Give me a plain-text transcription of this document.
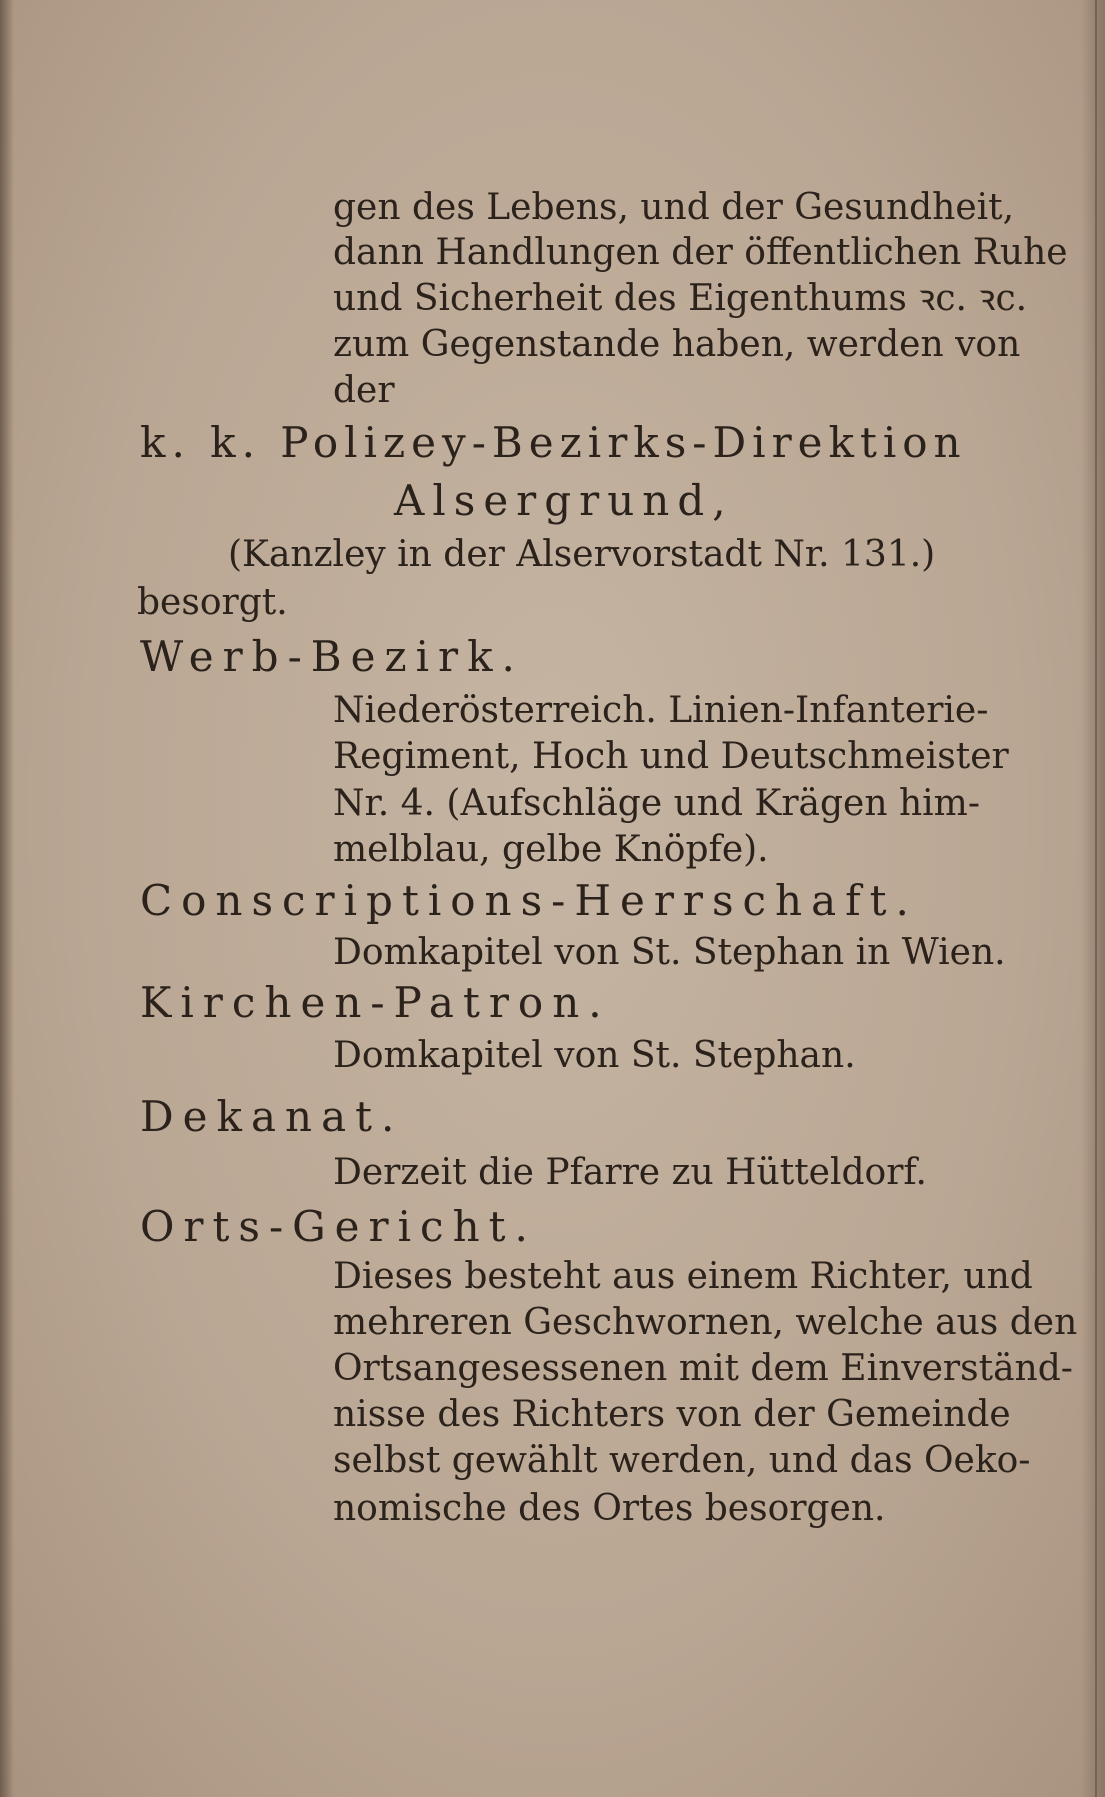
gen des Lebens, und der Gesundheit,
dann Handlungen der öffentlichen Ruhe
und Sicherheit des Eigenthums ꝛc. ꝛc.
zum Gegenstande haben, werden von
der
k. k. Polizey-Bezirks-Direktion
Alsergrund,
(Kanzley in der Alservorstadt Nr. 131.)
besorgt.
Werb-Bezirk.
Niederösterreich. Linien-Infanterie-
Regiment, Hoch und Deutschmeister
Nr. 4. (Aufschläge und Krägen him-
melblau, gelbe Knöpfe).
Conscriptions-Herrschaft.
Domkapitel von St. Stephan in Wien.
Kirchen-Patron.
Domkapitel von St. Stephan.
Dekanat.
Derzeit die Pfarre zu Hütteldorf.
Orts-Gericht.
Dieses besteht aus einem Richter, und
mehreren Geschwornen, welche aus den
Ortsangesessenen mit dem Einverständ-
nisse des Richters von der Gemeinde
selbst gewählt werden, und das Oeko-
nomische des Ortes besorgen.
